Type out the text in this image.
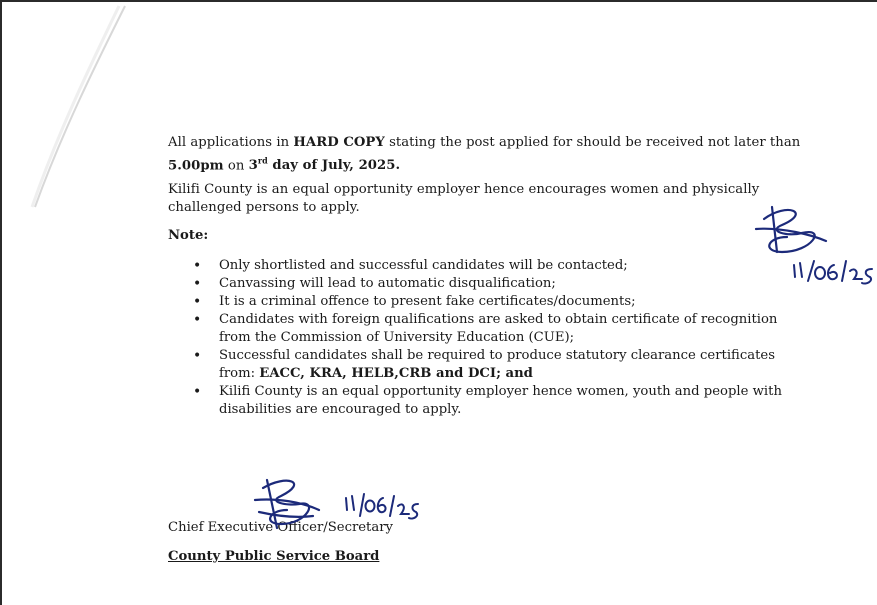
All applications in HARD COPY stating the post applied for should be received not later than 5.00pm on 3rd day of July, 2025.
Kilifi County is an equal opportunity employer hence encourages women and physically challenged persons to apply.
Note:
• Only shortlisted and successful candidates will be contacted;
• Canvassing will lead to automatic disqualification;
• It is a criminal offence to present fake certificates/documents;
• Candidates with foreign qualifications are asked to obtain certificate of recognition from the Commission of University Education (CUE);
• Successful candidates shall be required to produce statutory clearance certificates from: EACC, KRA, HELB,CRB and DCI; and
• Kilifi County is an equal opportunity employer hence women, youth and people with disabilities are encouraged to apply.
Chief Executive Officer/Secretary
County Public Service Board
